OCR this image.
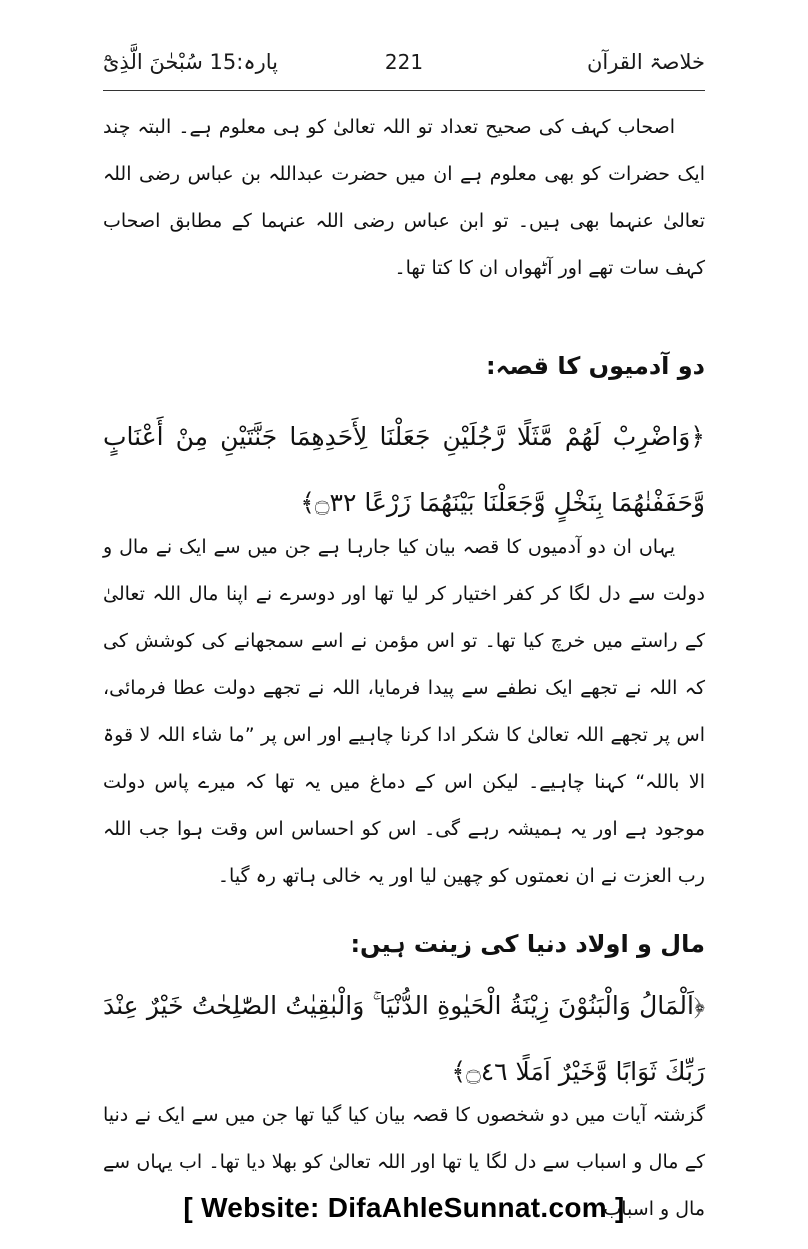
خلاصۃ القرآن
221
پارہ:15 سُبْحٰنَ الَّذِیْٓ

اصحاب کہف کی صحیح تعداد تو اللہ تعالیٰ کو ہی معلوم ہے۔ البتہ چند ایک حضرات کو بھی معلوم ہے ان میں حضرت عبداللہ بن عباس رضی اللہ تعالیٰ عنہما بھی ہیں۔ تو ابن عباس رضی اللہ عنہما کے مطابق اصحاب کہف سات تھے اور آٹھواں ان کا کتا تھا۔

دو آدمیوں کا قصہ:
﴿وَاضْرِبْ لَهُمْ مَّثَلًا رَّجُلَيْنِ جَعَلْنَا لِأَحَدِهِمَا جَنَّتَيْنِ مِنْ أَعْنَابٍ وَّحَفَفْنٰهُمَا بِنَخْلٍ وَّجَعَلْنَا بَيْنَهُمَا زَرْعًا ۝٣٢﴾

یہاں ان دو آدمیوں کا قصہ بیان کیا جارہا ہے جن میں سے ایک نے مال و دولت سے دل لگا کر کفر اختیار کر لیا تھا اور دوسرے نے اپنا مال اللہ تعالیٰ کے راستے میں خرچ کیا تھا۔ تو اس مؤمن نے اسے سمجھانے کی کوشش کی کہ اللہ نے تجھے ایک نطفے سے پیدا فرمایا، اللہ نے تجھے دولت عطا فرمائی، اس پر تجھے اللہ تعالیٰ کا شکر ادا کرنا چاہیے اور اس پر ”ما شاء اللہ لا قوۃ الا باللہ“ کہنا چاہیے۔ لیکن اس کے دماغ میں یہ تھا کہ میرے پاس دولت موجود ہے اور یہ ہمیشہ رہے گی۔ اس کو احساس اس وقت ہوا جب اللہ رب العزت نے ان نعمتوں کو چھین لیا اور یہ خالی ہاتھ رہ گیا۔

مال و اولاد دنیا کی زینت ہیں:
﴿اَلْمَالُ وَالْبَنُوْنَ زِيْنَةُ الْحَيٰوةِ الدُّنْيَا ۚ وَالْبٰقِيٰتُ الصّٰلِحٰتُ خَيْرٌ عِنْدَ رَبِّكَ ثَوَابًا وَّخَيْرٌ اَمَلًا ۝٤٦﴾

گزشتہ آیات میں دو شخصوں کا قصہ بیان کیا گیا تھا جن میں سے ایک نے دنیا کے مال و اسباب سے دل لگا یا تھا اور اللہ تعالیٰ کو بھلا دیا تھا۔ اب یہاں سے مال و اسباب

[ Website: DifaAhleSunnat.com ]
